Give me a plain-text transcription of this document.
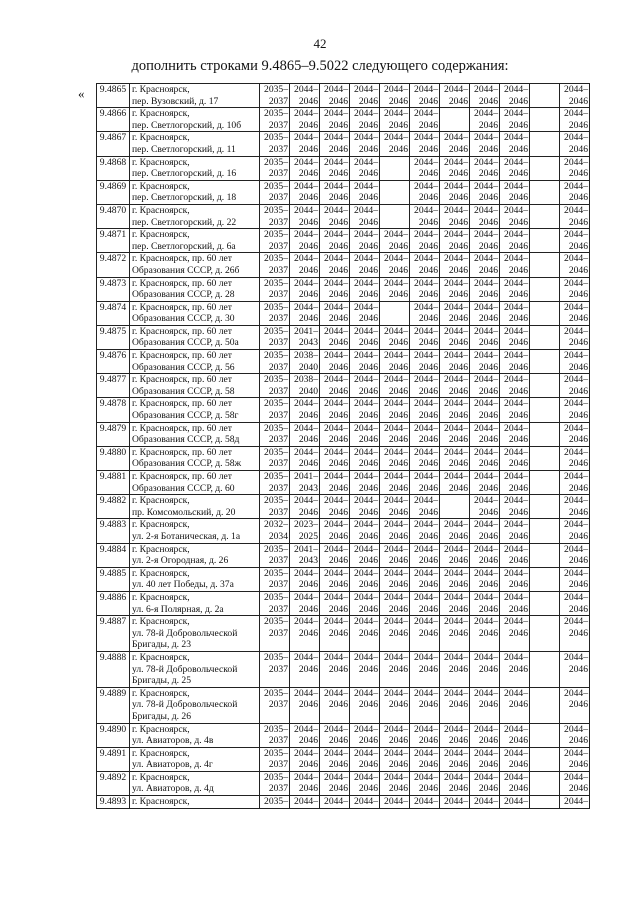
42
дополнить строками 9.4865–9.5022 следующего содержания:
« 9.4865	г. Красноярск,
пер. Вузовский, д. 17	2035–
2037	2044–
2046	2044–
2046	2044–
2046	2044–
2046	2044–
2046	2044–
2046	2044–
2046	2044–
2046		2044–
2046
9.4866	г. Красноярск,
пер. Светлогорский, д. 10б	2035–
2037	2044–
2046	2044–
2046	2044–
2046	2044–
2046	2044–
2046		2044–
2046	2044–
2046		2044–
2046
9.4867	г. Красноярск,
пер. Светлогорский, д. 11	2035–
2037	2044–
2046	2044–
2046	2044–
2046	2044–
2046	2044–
2046	2044–
2046	2044–
2046	2044–
2046		2044–
2046
9.4868	г. Красноярск,
пер. Светлогорский, д. 16	2035–
2037	2044–
2046	2044–
2046	2044–
2046		2044–
2046	2044–
2046	2044–
2046	2044–
2046		2044–
2046
9.4869	г. Красноярск,
пер. Светлогорский, д. 18	2035–
2037	2044–
2046	2044–
2046	2044–
2046		2044–
2046	2044–
2046	2044–
2046	2044–
2046		2044–
2046
9.4870	г. Красноярск,
пер. Светлогорский, д. 22	2035–
2037	2044–
2046	2044–
2046	2044–
2046		2044–
2046	2044–
2046	2044–
2046	2044–
2046		2044–
2046
9.4871	г. Красноярск,
пер. Светлогорский, д. 6а	2035–
2037	2044–
2046	2044–
2046	2044–
2046	2044–
2046	2044–
2046	2044–
2046	2044–
2046	2044–
2046		2044–
2046
9.4872	г. Красноярск, пр. 60 лет
Образования СССР, д. 26б	2035–
2037	2044–
2046	2044–
2046	2044–
2046	2044–
2046	2044–
2046	2044–
2046	2044–
2046	2044–
2046		2044–
2046
9.4873	г. Красноярск, пр. 60 лет
Образования СССР, д. 28	2035–
2037	2044–
2046	2044–
2046	2044–
2046	2044–
2046	2044–
2046	2044–
2046	2044–
2046	2044–
2046		2044–
2046
9.4874	г. Красноярск, пр. 60 лет
Образования СССР, д. 30	2035–
2037	2044–
2046	2044–
2046	2044–
2046		2044–
2046	2044–
2046	2044–
2046	2044–
2046		2044–
2046
9.4875	г. Красноярск, пр. 60 лет
Образования СССР, д. 50а	2035–
2037	2041–
2043	2044–
2046	2044–
2046	2044–
2046	2044–
2046	2044–
2046	2044–
2046	2044–
2046		2044–
2046
9.4876	г. Красноярск, пр. 60 лет
Образования СССР, д. 56	2035–
2037	2038–
2040	2044–
2046	2044–
2046	2044–
2046	2044–
2046	2044–
2046	2044–
2046	2044–
2046		2044–
2046
9.4877	г. Красноярск, пр. 60 лет
Образования СССР, д. 58	2035–
2037	2038–
2040	2044–
2046	2044–
2046	2044–
2046	2044–
2046	2044–
2046	2044–
2046	2044–
2046		2044–
2046
9.4878	г. Красноярск, пр. 60 лет
Образования СССР, д. 58г	2035–
2037	2044–
2046	2044–
2046	2044–
2046	2044–
2046	2044–
2046	2044–
2046	2044–
2046	2044–
2046		2044–
2046
9.4879	г. Красноярск, пр. 60 лет
Образования СССР, д. 58д	2035–
2037	2044–
2046	2044–
2046	2044–
2046	2044–
2046	2044–
2046	2044–
2046	2044–
2046	2044–
2046		2044–
2046
9.4880	г. Красноярск, пр. 60 лет
Образования СССР, д. 58ж	2035–
2037	2044–
2046	2044–
2046	2044–
2046	2044–
2046	2044–
2046	2044–
2046	2044–
2046	2044–
2046		2044–
2046
9.4881	г. Красноярск, пр. 60 лет
Образования СССР, д. 60	2035–
2037	2041–
2043	2044–
2046	2044–
2046	2044–
2046	2044–
2046	2044–
2046	2044–
2046	2044–
2046		2044–
2046
9.4882	г. Красноярск,
пр. Комсомольский, д. 20	2035–
2037	2044–
2046	2044–
2046	2044–
2046	2044–
2046	2044–
2046		2044–
2046	2044–
2046		2044–
2046
9.4883	г. Красноярск,
ул. 2-я Ботаническая, д. 1а	2032–
2034	2023–
2025	2044–
2046	2044–
2046	2044–
2046	2044–
2046	2044–
2046	2044–
2046	2044–
2046		2044–
2046
9.4884	г. Красноярск,
ул. 2-я Огородная, д. 26	2035–
2037	2041–
2043	2044–
2046	2044–
2046	2044–
2046	2044–
2046	2044–
2046	2044–
2046	2044–
2046		2044–
2046
9.4885	г. Красноярск,
ул. 40 лет Победы, д. 37а	2035–
2037	2044–
2046	2044–
2046	2044–
2046	2044–
2046	2044–
2046	2044–
2046	2044–
2046	2044–
2046		2044–
2046
9.4886	г. Красноярск,
ул. 6-я Полярная, д. 2а	2035–
2037	2044–
2046	2044–
2046	2044–
2046	2044–
2046	2044–
2046	2044–
2046	2044–
2046	2044–
2046		2044–
2046
9.4887	г. Красноярск,
ул. 78-й Добровольческой
Бригады, д. 23	2035–
2037	2044–
2046	2044–
2046	2044–
2046	2044–
2046	2044–
2046	2044–
2046	2044–
2046	2044–
2046		2044–
2046
9.4888	г. Красноярск,
ул. 78-й Добровольческой
Бригады, д. 25	2035–
2037	2044–
2046	2044–
2046	2044–
2046	2044–
2046	2044–
2046	2044–
2046	2044–
2046	2044–
2046		2044–
2046
9.4889	г. Красноярск,
ул. 78-й Добровольческой
Бригады, д. 26	2035–
2037	2044–
2046	2044–
2046	2044–
2046	2044–
2046	2044–
2046	2044–
2046	2044–
2046	2044–
2046		2044–
2046
9.4890	г. Красноярск,
ул. Авиаторов, д. 4в	2035–
2037	2044–
2046	2044–
2046	2044–
2046	2044–
2046	2044–
2046	2044–
2046	2044–
2046	2044–
2046		2044–
2046
9.4891	г. Красноярск,
ул. Авиаторов, д. 4г	2035–
2037	2044–
2046	2044–
2046	2044–
2046	2044–
2046	2044–
2046	2044–
2046	2044–
2046	2044–
2046		2044–
2046
9.4892	г. Красноярск,
ул. Авиаторов, д. 4д	2035–
2037	2044–
2046	2044–
2046	2044–
2046	2044–
2046	2044–
2046	2044–
2046	2044–
2046	2044–
2046		2044–
2046
9.4893	г. Красноярск,	2035–	2044–	2044–	2044–	2044–	2044–	2044–	2044–	2044–		2044–
